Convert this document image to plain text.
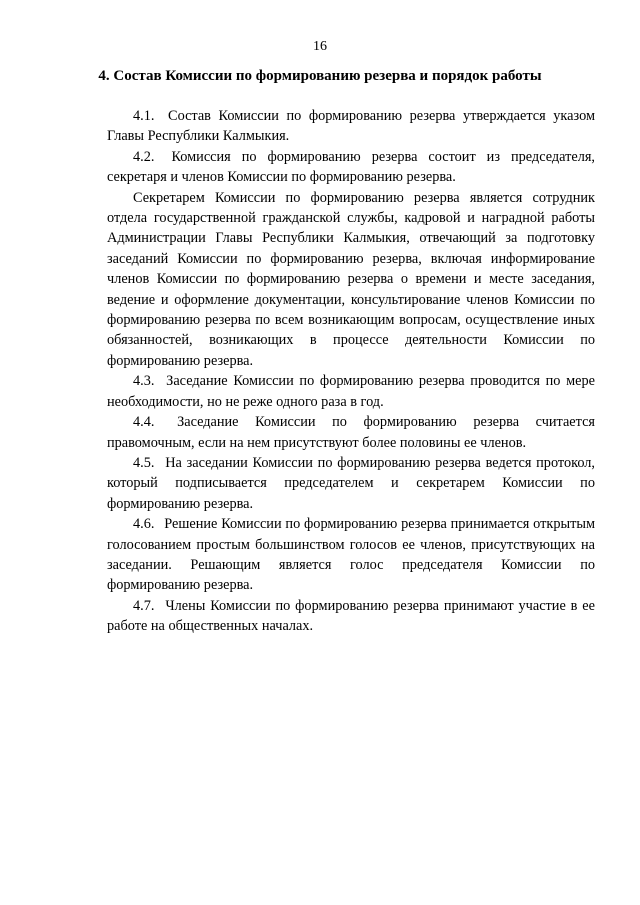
16
4. Состав Комиссии по формированию резерва и порядок работы

4.1. Состав Комиссии по формированию резерва утверждается указом Главы Республики Калмыкия.

4.2. Комиссия по формированию резерва состоит из председателя, секретаря и членов Комиссии по формированию резерва.

Секретарем Комиссии по формированию резерва является сотрудник отдела государственной гражданской службы, кадровой и наградной работы Администрации Главы Республики Калмыкия, отвечающий за подготовку заседаний Комиссии по формированию резерва, включая информирование членов Комиссии по формированию резерва о времени и месте заседания, ведение и оформление документации, консультирование членов Комиссии по формированию резерва по всем возникающим вопросам, осуществление иных обязанностей, возникающих в процессе деятельности Комиссии по формированию резерва.

4.3. Заседание Комиссии по формированию резерва проводится по мере необходимости, но не реже одного раза в год.

4.4. Заседание Комиссии по формированию резерва считается правомочным, если на нем присутствуют более половины ее членов.

4.5. На заседании Комиссии по формированию резерва ведется протокол, который подписывается председателем и секретарем Комиссии по формированию резерва.

4.6. Решение Комиссии по формированию резерва принимается открытым голосованием простым большинством голосов ее членов, присутствующих на заседании. Решающим является голос председателя Комиссии по формированию резерва.

4.7. Члены Комиссии по формированию резерва принимают участие в ее работе на общественных началах.
